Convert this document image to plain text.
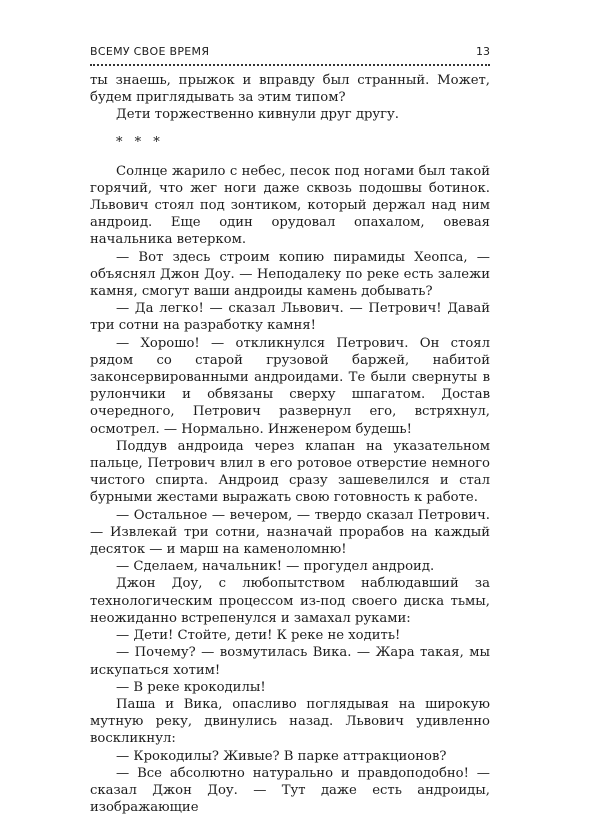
ВСЕМУ СВОЕ ВРЕМЯ	13

ты знаешь, прыжок и вправду был странный. Может, будем приглядывать за этим типом?

Дети торжественно кивнули друг другу.

* * *

Солнце жарило с небес, песок под ногами был такой горячий, что жег ноги даже сквозь подошвы ботинок. Львович стоял под зонтиком, который держал над ним андроид. Еще один орудовал опахалом, овевая начальника ветерком.

— Вот здесь строим копию пирамиды Хеопса, — объяснял Джон Доу. — Неподалеку по реке есть залежи камня, смогут ваши андроиды камень добывать?

— Да легко! — сказал Львович. — Петрович! Давай три сотни на разработку камня!

— Хорошо! — откликнулся Петрович. Он стоял рядом со старой грузовой баржей, набитой законсервированными андроидами. Те были свернуты в рулончики и обвязаны сверху шпагатом. Достав очередного, Петрович развернул его, встряхнул, осмотрел. — Нормально. Инженером будешь!

Поддув андроида через клапан на указательном пальце, Петрович влил в его ротовое отверстие немного чистого спирта. Андроид сразу зашевелился и стал бурными жестами выражать свою готовность к работе.

— Остальное — вечером, — твердо сказал Петрович. — Извлекай три сотни, назначай прорабов на каждый десяток — и марш на каменоломню!

— Сделаем, начальник! — прогудел андроид.

Джон Доу, с любопытством наблюдавший за технологическим процессом из-под своего диска тьмы, неожиданно встрепенулся и замахал руками:

— Дети! Стойте, дети! К реке не ходить!

— Почему? — возмутилась Вика. — Жара такая, мы искупаться хотим!

— В реке крокодилы!

Паша и Вика, опасливо поглядывая на широкую мутную реку, двинулись назад. Львович удивленно воскликнул:

— Крокодилы? Живые? В парке аттракционов?

— Все абсолютно натурально и правдоподобно! — сказал Джон Доу. — Тут даже есть андроиды, изображающие
